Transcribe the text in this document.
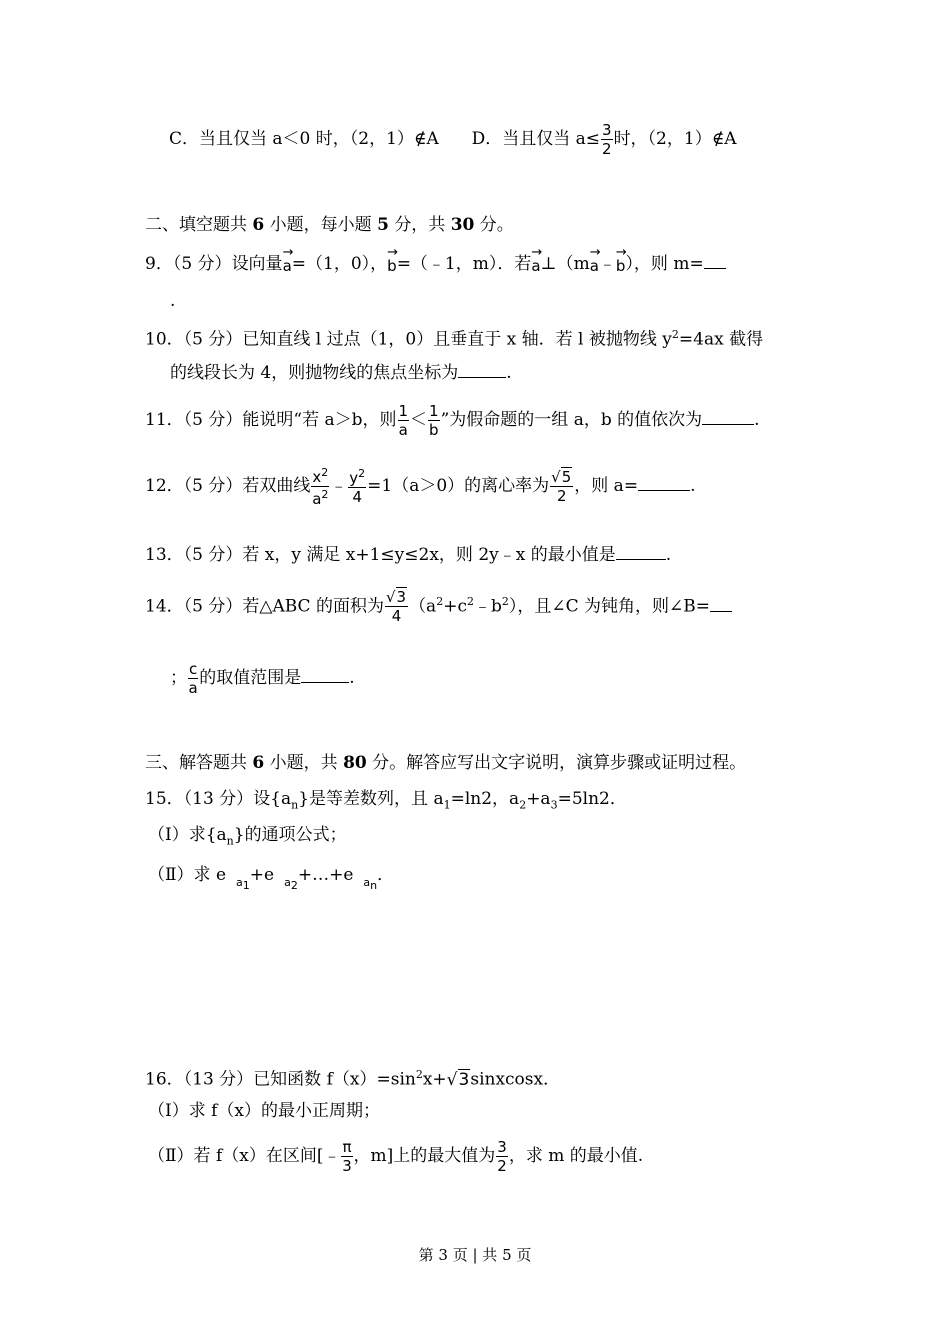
C．当且仅当 a＜0 时，（2，1）∉A D．当且仅当 $a\le \frac{3}{2}$ 时，（2，1）∉A
二、填空题共 6 小题，每小题 5 分，共 30 分。
9．（5 分）设向量→ a=（1，0），→ b=（﹣1，m）．若→ a⊥（m→ a﹣→ b），则 m=
.
10．（5 分）已知直线 l 过点（1，0）且垂直于 x 轴．若 l 被抛物线 $y^2=4ax$ 截得
的线段长为 4，则抛物线的焦点坐标为	.
11．（5 分）能说明“若 a＞b，则 $\frac{1}{a} < \frac{1}{b}$ ”为假命题的一组 a，b 的值依次为	.
12．（5 分）若双曲线 $\frac{x^2}{a^2}$ ﹣ $\frac{y^2}{4} =1(a>0)$的离心率为 $\frac{√5}{2}$ ，则 a=	.
13．（5 分）若 x，y 满足 x+1≤y≤2x，则 2y﹣x 的最小值是	.
14．（5 分）若△ABC 的面积为 $\frac{√3}{4}$ $(a^2+c^2﹣b^2)$，且∠C 为钝角，则∠B=
； $\frac{c}{a}$ 的取值范围是	.
三、解答题共 6 小题，共 80 分。解答应写出文字说明，演算步骤或证明过程。
15．（13 分）设$\{a_n\}$是等差数列，且 $a_1=\ln 2$，$a_2+a_3=5\ln 2$．
（Ⅰ）求$\{a_n\}$的通项公式；
（Ⅱ）求 e $_{a_1}$+e $_{a_2}$+…+e $_{a_n}$．
16．（13 分）已知函数 $f(x)=\sin^2x+√3sinxcosx$．
（Ⅰ）求 f（x）的最小正周期；
（Ⅱ）若 f（x）在区间[﹣ $\frac{\pi}{3}$ ，m]上的最大值为 $\frac{3}{2}$ ，求 m 的最小值.
第 3 页 | 共 5 页
